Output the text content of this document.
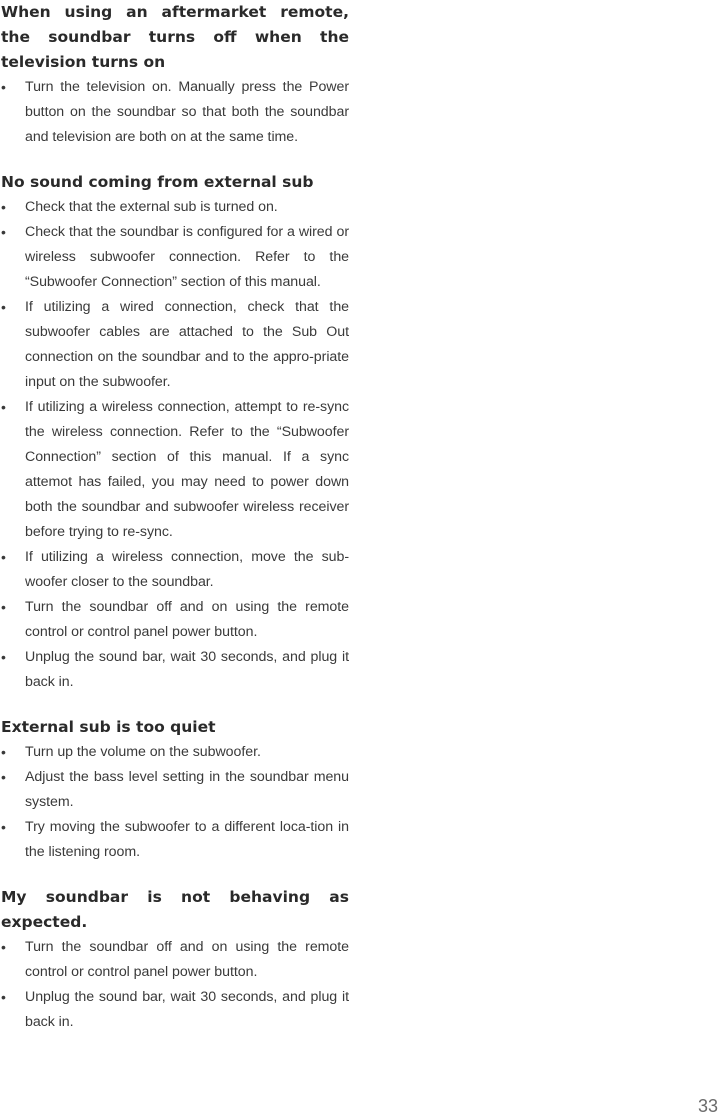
When using an aftermarket remote, the soundbar turns off when the television turns on
•	Turn the television on. Manually press the Power button on the soundbar so that both the soundbar and television are both on at the same time.
No sound coming from external sub
•	Check that the external sub is turned on.
•	Check that the soundbar is configured for a wired or wireless subwoofer connection. Refer to the “Subwoofer Connection” section of this manual.
•	If utilizing a wired connection, check that the subwoofer cables are attached to the Sub Out connection on the soundbar and to the appro-priate input on the subwoofer.
•	If utilizing a wireless connection, attempt to re-sync the wireless connection. Refer to the “Subwoofer Connection” section of this manual. If a sync attemot has failed, you may need to power down both the soundbar and subwoofer wireless receiver before trying to re-sync.
•	If utilizing a wireless connection, move the sub-woofer closer to the soundbar.
•	Turn the soundbar off and on using the remote control or control panel power button.
•	Unplug the sound bar, wait 30 seconds, and plug it back in.
External sub is too quiet
•	Turn up the volume on the subwoofer.
•	Adjust the bass level setting in the soundbar menu system.
•	Try moving the subwoofer to a different loca-tion in the listening room.
My soundbar is not behaving as expected.
•	Turn the soundbar off and on using the remote control or control panel power button.
•	Unplug the sound bar, wait 30 seconds, and plug it back in.
33
